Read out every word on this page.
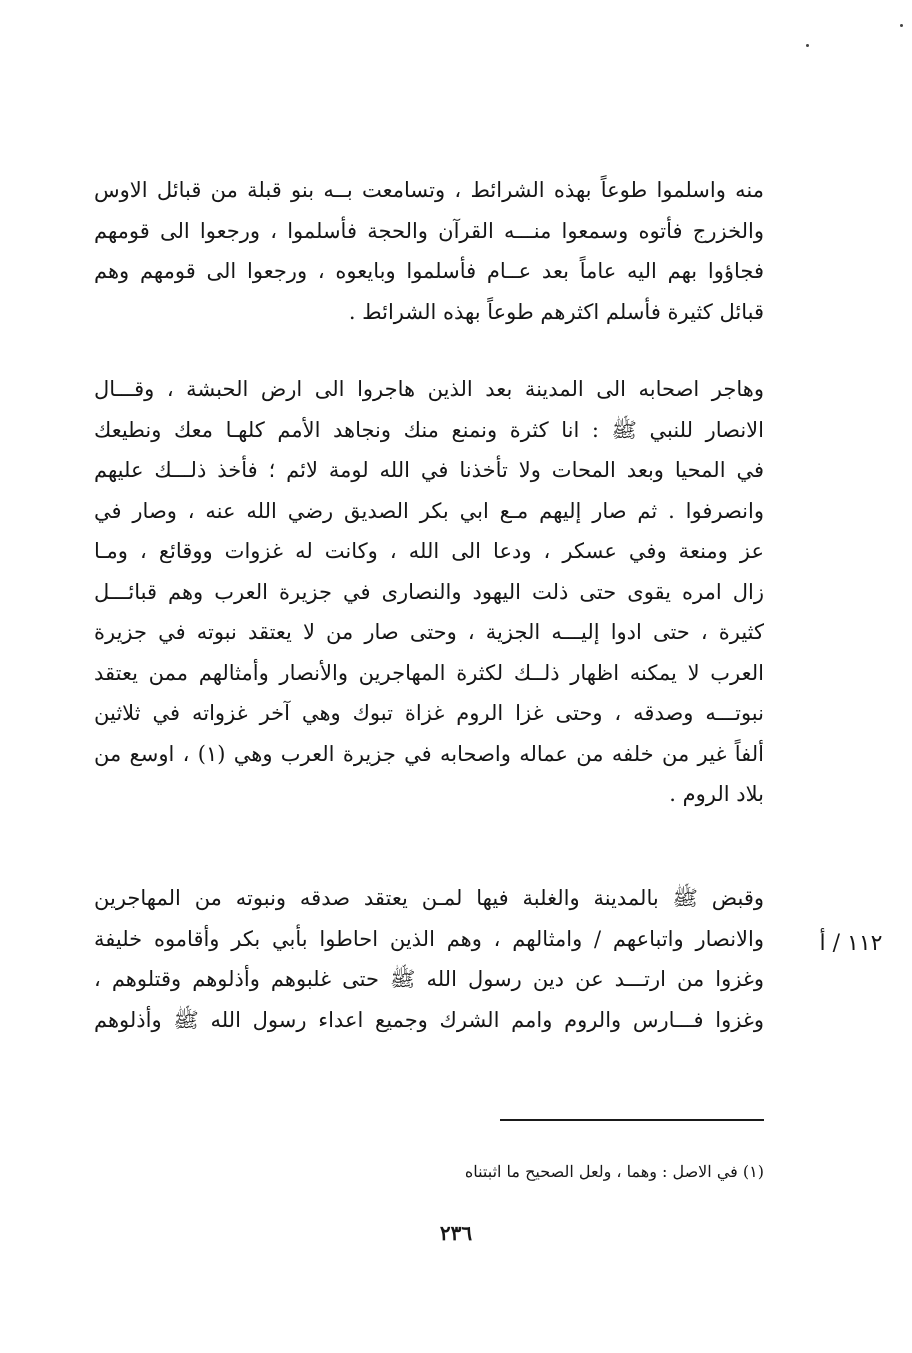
منه واسلموا طوعاً بهذه الشرائط ، وتسامعت بــه بنو قبلة من قبائل الاوس
والخزرج فأتوه وسمعوا منـــه القرآن والحجة فأسلموا ، ورجعوا الى قومهم
فجاؤوا بهم اليه عاماً بعد عــام فأسلموا وبايعوه ، ورجعوا الى قومهم وهم
قبائل كثيرة فأسلم اكثرهم طوعاً بهذه الشرائط .
وهاجر اصحابه الى المدينة بعد الذين هاجروا الى ارض الحبشة ، وقـــال
الانصار للنبي ﷺ : انا كثرة ونمنع منك ونجاهد الأمم كلهـا معك ونطيعك
في المحيا وبعد المحات ولا تأخذنا في الله لومة لائم ؛ فأخذ ذلـــك عليهم
وانصرفوا . ثم صار إليهم مـع ابي بكر الصديق رضي الله عنه ، وصار في
عز ومنعة وفي عسكر ، ودعا الى الله ، وكانت له غزوات ووقائع ، ومـا
زال امره يقوى حتى ذلت اليهود والنصارى في جزيرة العرب وهم قبائـــل
كثيرة ، حتى ادوا إليـــه الجزية ، وحتى صار من لا يعتقد نبوته في جزيرة
العرب لا يمكنه اظهار ذلــك لكثرة المهاجرين والأنصار وأمثالهم ممن يعتقد
نبوتـــه وصدقه ، وحتى غزا الروم غزاة تبوك وهي آخر غزواته في ثلاثين
ألفاً غير من خلفه من عماله واصحابه في جزيرة العرب وهي (١) ، اوسع من
بلاد الروم .
وقبض ﷺ بالمدينة والغلبة فيها لمـن يعتقد صدقه ونبوته من المهاجرين
والانصار واتباعهم / وامثالهم ، وهم الذين احاطوا بأبي بكر وأقاموه خليفة
وغزوا من ارتـــد عن دين رسول الله ﷺ حتى غلبوهم وأذلوهم وقتلوهم ،
وغزوا فـــارس والروم وامم الشرك وجميع اعداء رسول الله ﷺ وأذلوهم
١١٢ / أ
(١) في الاصل : وهما ، ولعل الصحيح ما اثبتناه
٢٣٦
